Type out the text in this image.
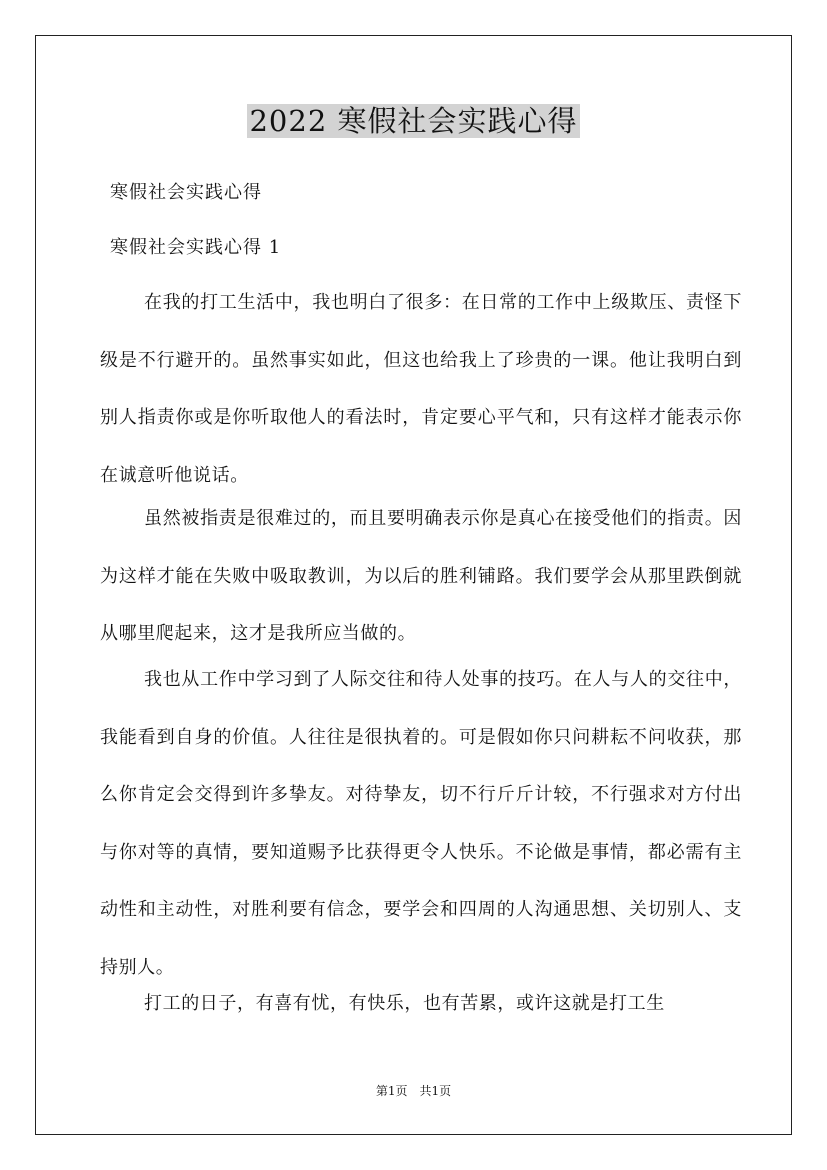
2022 寒假社会实践心得
寒假社会实践心得
寒假社会实践心得 1

在我的打工生活中，我也明白了很多：在日常的工作中上级欺压、责怪下级是不行避开的。虽然事实如此，但这也给我上了珍贵的一课。他让我明白到别人指责你或是你听取他人的看法时，肯定要心平气和，只有这样才能表示你在诚意听他说话。

虽然被指责是很难过的，而且要明确表示你是真心在接受他们的指责。因为这样才能在失败中吸取教训，为以后的胜利铺路。我们要学会从那里跌倒就从哪里爬起来，这才是我所应当做的。

我也从工作中学习到了人际交往和待人处事的技巧。在人与人的交往中，我能看到自身的价值。人往往是很执着的。可是假如你只问耕耘不问收获，那么你肯定会交得到许多挚友。对待挚友，切不行斤斤计较，不行强求对方付出与你对等的真情，要知道赐予比获得更令人快乐。不论做是事情，都必需有主动性和主动性，对胜利要有信念，要学会和四周的人沟通思想、关切别人、支持别人。

打工的日子，有喜有忧，有快乐，也有苦累，或许这就是打工生

第1页　共1页
